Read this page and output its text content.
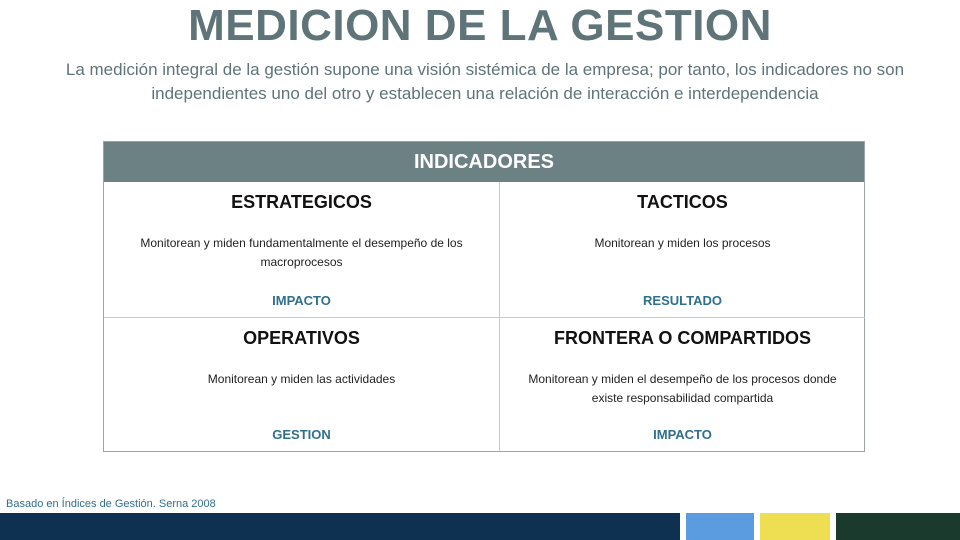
MEDICION DE LA GESTION
La medición integral de la gestión supone una visión sistémica de la empresa; por tanto, los indicadores no son independientes uno del otro y establecen una relación de interacción e interdependencia
INDICADORES
ESTRATEGICOS
Monitorean y miden fundamentalmente el desempeño de los macroprocesos
IMPACTO
TACTICOS
Monitorean y miden los procesos
RESULTADO
OPERATIVOS
Monitorean y miden las actividades
GESTION
FRONTERA O COMPARTIDOS
Monitorean y miden el desempeño de los procesos donde existe responsabilidad compartida
IMPACTO
Basado en Índices de Gestión. Serna 2008
